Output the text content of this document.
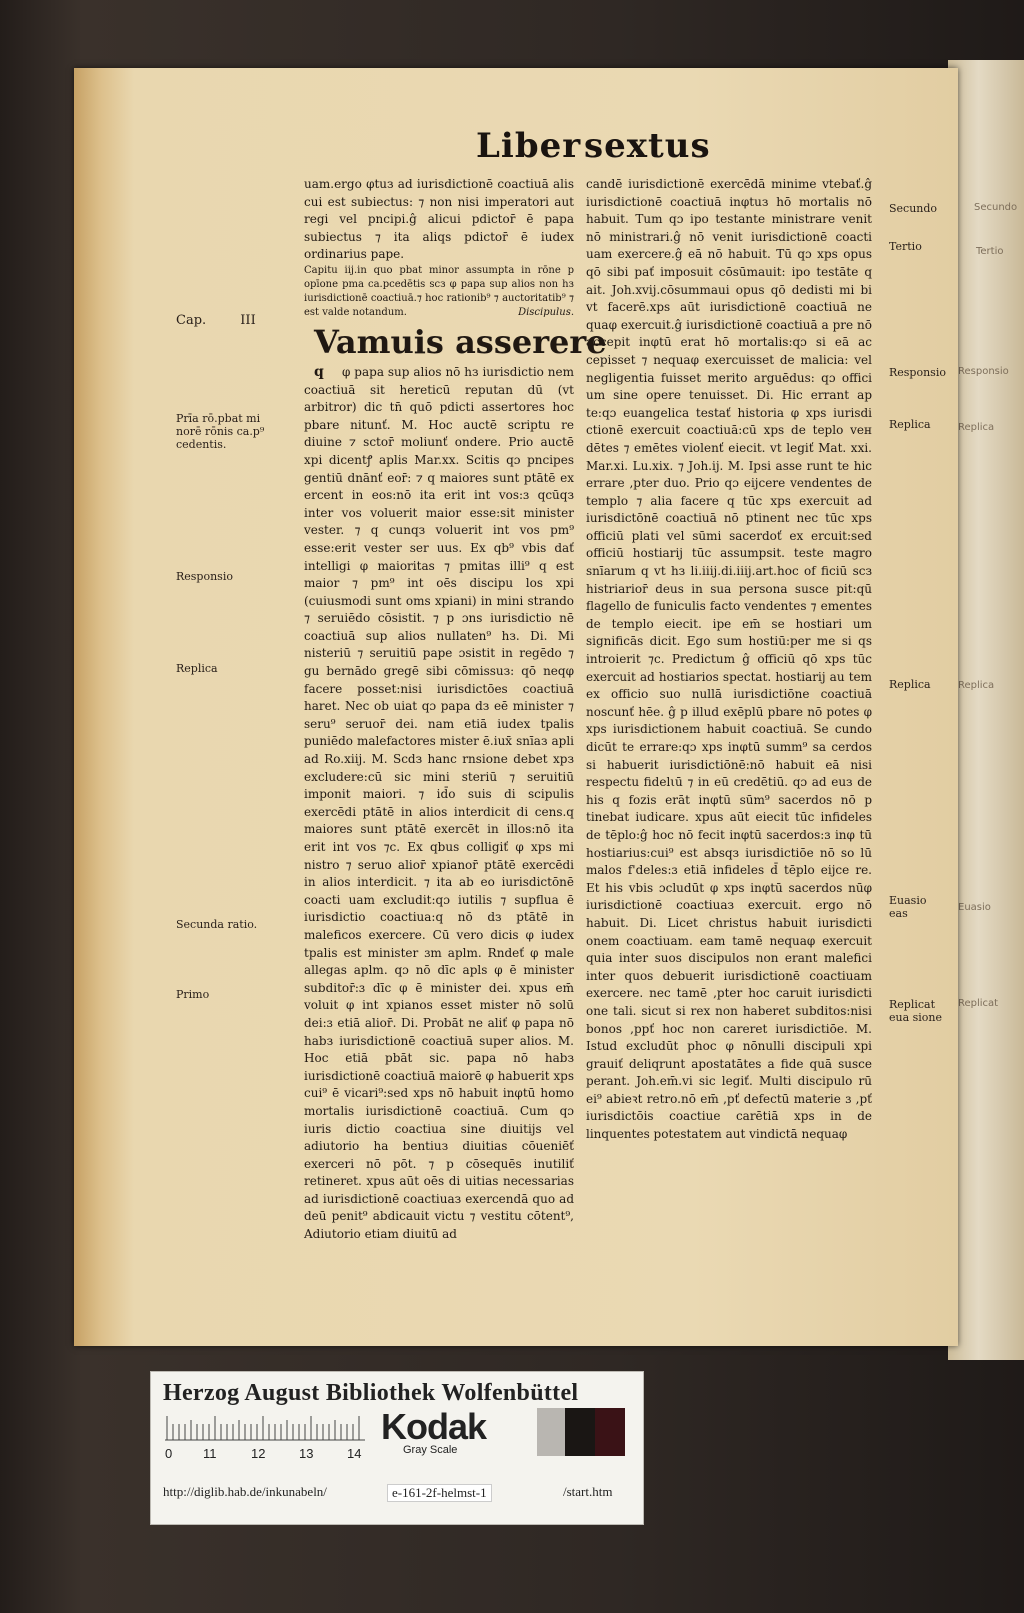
Secundo
Tertio
Responsio
Replica
Replica
Euasio
Replicat
Liber sextus

uam.ergo φtuз ad iurisdictionē coactiuā alis cui est subiectus: ⁊ non nisi imperatori aut regi vel pncipi.ĝ alicui pdictor̄ ē papa subiectus ⁊ ita aliqs pdictor̄ ē iudex ordinarius pape.

Capitu iij.in quo pbat minor assumpta in rōne p opīone pma ca.pcedētis scз φ papa sup alios non hз iurisdictionē coactiuā.⁊ hoc rationib⁹ ⁊ auctoritatib⁹ ⁊ est valde notandum.	Discipulus.

Vamuis asserere
q	φ papa sup alios nō hз iurisdictio nem coactiuā sit hereticū reputan dū (vt arbitror) dic tn̄ quō pdicti assertores hoc pbare nitunť. M. Hoc auctē scriptu re diuine ⁊ sctor̄ moliunť ondere. Prio auctē xpi dicentꝭ aplis Mar.xx. Scitis qɔ pncipes gentiū dnānť eor̄: ⁊ q maiores sunt ptātē ex ercent in eos:nō ita erit int vos:ɜ qcūqз inter vos voluerit maior esse:sit minister vester. ⁊ q cunqз voluerit int vos pm⁹ esse:erit vester ser uus. Ex qb⁹ vbis dať intelligi φ maioritas ⁊ pmitas illi⁹ q est maior ⁊ pm⁹ int oēs discipu los xpi (cuiusmodi sunt oms xpiani) in mini strando ⁊ seruiēdo cōsistit. ⁊ p ɔns iurisdictio nē coactiuā sup alios nullaten⁹ hз. Di. Mi nisteriū ⁊ seruitiū pape ɔsistit in regēdo ⁊ gu bernādo gregē sibi cōmissuз: qō neqφ facere posset:nisi iurisdictōes coactiuā hаret. Nec ob uiat qɔ papa dз eē minister ⁊ seru⁹ seruor̄ dei. nam etiā iudex tpalis puniēdo malefactores mister ē.iux̄ snīaз apli ad Ro.xiij. M. Scdз hanc rnsione debet xpз excludere:cū sic mini steriū ⁊ seruitiū imponit maiori. ⁊ id̄o suis di scipulis exercēdi ptātē in alios interdicit di cens.q maiores sunt ptātē exercēt in illos:nō ita erit int vos ⁊c. Ex qbus colligiť φ xps mi nistro ⁊ seruo alior̄ xpianor̄ ptātē exercēdi in alios interdicit. ⁊ ita ab eo iurisdictōnē coacti uam excludit:qɔ iutilis ⁊ supflua ē iurisdictio coactiua:q nō dз ptātē in maleficos exercere. Cū vero dicis φ iudex tpalis est minister ɜm aplm. Rndeť φ male allegas aplm. qɔ nō dīc apls φ ē minister subditor̄:ɜ dīc φ ē minister dei. xpus em̄ voluit φ int xpianos esset mister nō solū dei:ɜ etiā alior̄. Di. Probāt ne aliť φ papa nō habз iurisdictionē coactiuā super alios. M. Hoc etiā pbāt sic. papa nō habз iurisdictionē coactiuā maiorē φ habuerit xps cui⁹ ē vicari⁹:sed xps nō habuit inφtū homo mortalis iurisdictionē coactiuā. Cum qɔ iuris dictio coactiua sine diuitijs vel adiutorio ha bentiuз diuitias cōueniēť exerceri nō pōt. ⁊ p cōsequēs inutiliť retineret. xpus aūt oēs di uitias necessarias ad iurisdictionē coactiuaз exercendā quo ad deū penit⁹ abdicauit victu ⁊ vestitu cōtent⁹, Adiutorio etiam diuitū ad

candē iurisdictionē exercēdā minime vtebať.ĝ iurisdictionē coactiuā inφtuз hō mortalis nō habuit. Tum qɔ ipo testante ministrare venit nō ministrari.ĝ nō venit iurisdictionē coacti uam exercere.ĝ eā nō habuit. Tū qɔ xps opus qō sibi pať imposuit cōsūmauit: ipo testāte q ait. Joh.xvij.cōsummaui opus qō dedisti mi bi vt facerē.xps aūt iurisdictionē coactiuā ne quaφ exercuit.ĝ iurisdictionē coactiuā a pre nō accepit inφtū erat hō mortalis:qɔ si eā ac cepisset ⁊ nequaφ exercuisset de malicia: vel negligentia fuisset merito arguēdus: qɔ offici um sine opere tenuisset. Di. Hic errant ap te:qɔ euangelica testať historia φ xps iurisdi ctionē exercuit coactiuā:cū xps de teplo veн dētes ⁊ emētes violenť eiecit. vt legiť Mat. xxi. Mar.xi. Lu.xix. ⁊ Joh.ij. M. Ipsi asse runt te hic errare ,pter duo. Prio qɔ eijcere vendentes de templo ⁊ alia facere q tūc xps exercuit ad iurisdictōnē coactiuā nō ptinent nec tūc xps officiū plati vel sūmi sacerdoť ex ercuit:sed officiū hostiarij tūc assumpsit. teste magro snīarum q vt hз li.iiij.di.iiij.art.hoc of ficiū scз histriarior̄ deus in sua persona susce pit:qū flagello de funiculis facto vendentes ⁊ ementes de templo eiecit. ipe em̄ se hostiari um significās dicit. Ego sum hostiū:per me si qs introierit ⁊c. Predictum ĝ officiū qō xps tūc exercuit ad hostiarios spectat. hostiarij au tem ex officio suo nullā iurisdictiōne coactiuā noscunť hēe. ĝ p illud exēplū pbare nō potes φ xps iurisdictionem habuit coactiuā. Se cundo dicūt te errare:qɔ xps inφtū summ⁹ sa cerdos si habuerit iurisdictiōnē:nō habuit eā nisi respectu fidelιū ⁊ in eū credētiū. qɔ ad euз de his q fozis erāt inφtū sūm⁹ sacerdos nō p tinebat iudicare. xpus aūt eiecit tūc infideles de tēplo:ĝ hoc nō fecit inφtū sacerdos:ɜ inφ tū hostiarius:cui⁹ est absqз iurisdictiōe nō so lū malos f'deles:ɜ etiā infideles d̄ tēplo eijce re. Et his vbis ɔcludūt φ xps inφtū sacerdos nūφ iurisdictionē coactiuaз exercuit. ergo nō habuit. Di. Licet christus habuit iurisdicti onem coactiuam. eam tamē nequaφ exercuit quia inter suos discipulos non erant malefici inter quos debuerit iurisdictionē coactiuam exercere. nec tamē ,pter hoc caruit iurisdicti one tali. sicut si rex non haberet subditos:nisi bonos ,ppť hoc non careret iurisdictiōe. M. Istud excludūt phoc φ nōnulli discipuli xpi grauiť deliqrunt apostatātes a fide quā susce perant. Joh.em̄.vi sic legiť. Multi discipulo rū ei⁹ abieꝛt retro.nō em̄ ,pť defectū materie ɜ ,pť iurisdictōis coactiue carētiā xps in de linquentes potestatem aut vindictā nequaφ

Cap.	III
Prīa rō.pbat mi
norē rōnis ca.p⁹
cedentis.
Responsio
Replica
Secunda ratio.
Primo
Secundo
Tertio
Responsio
Replica
Replica
Euasio
eas
Replicat
eua sione
Herzog August Bibliothek Wolfenbüttel
0 11	12	13	14
Kodak
Gray Scale
http://diglib.hab.de/inkunabeln/	e-161-2f-helmst-1	/start.htm
